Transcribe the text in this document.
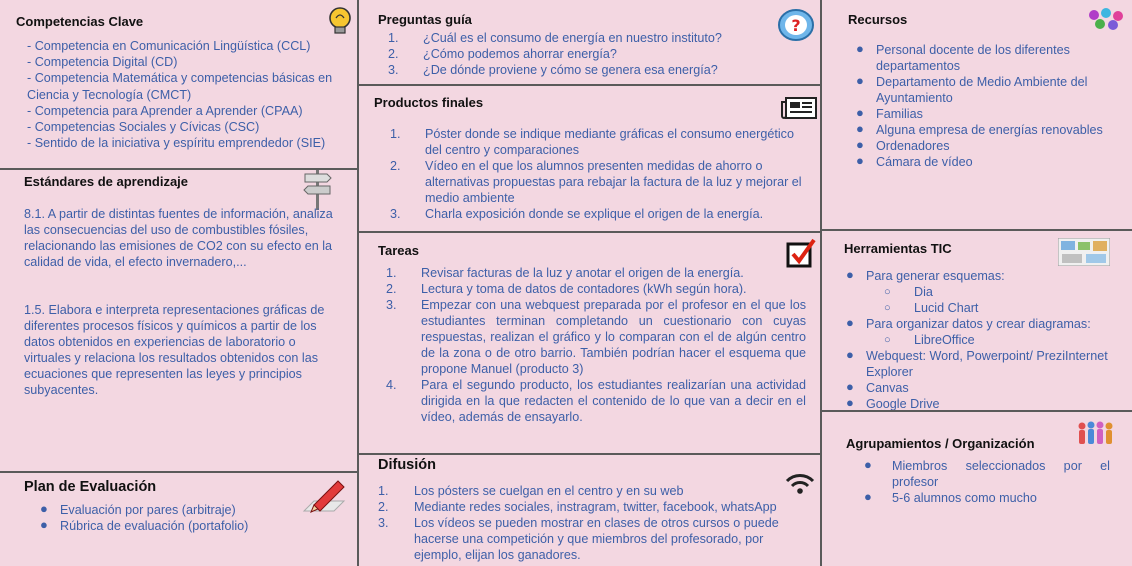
Competencias Clave
- Competencia en Comunicación Lingüística (CCL)
- Competencia Digital (CD)
- Competencia Matemática y competencias básicas en Ciencia y Tecnología (CMCT)
- Competencia para Aprender a Aprender (CPAA)
- Competencias Sociales y Cívicas (CSC)
- Sentido de la iniciativa y espíritu emprendedor (SIE)
Estándares de aprendizaje

8.1. A partir de distintas fuentes de información, analiza las consecuencias del uso de combustibles fósiles, relacionando las emisiones de CO2 con su efecto en la calidad de vida, el efecto invernadero,...

1.5. Elabora e interpreta representaciones gráficas de diferentes procesos físicos y químicos a partir de los datos obtenidos en experiencias de laboratorio o virtuales y relaciona los resultados obtenidos con las ecuaciones que representen las leyes y principios subyacentes.

Plan de Evaluación
● Evaluación por pares (arbitraje)
● Rúbrica de evaluación (portafolio)
Preguntas guía	?
1. ¿Cuál es el consumo de energía en nuestro instituto?
2. ¿Cómo podemos ahorrar energía?
3. ¿De dónde proviene y cómo se genera esa energía?
Productos finales
1. Póster donde se indique mediante gráficas el consumo energético del centro y comparaciones
2. Vídeo en el que los alumnos presenten medidas de ahorro o alternativas propuestas para rebajar la factura de la luz y mejorar el medio ambiente
3. Charla exposición donde se explique el origen de la energía.
Tareas
1. Revisar facturas de la luz y anotar el origen de la energía.
2. Lectura y toma de datos de contadores (kWh según hora).
3. Empezar con una webquest preparada por el profesor en el que los estudiantes terminan completando un cuestionario con cuyas respuestas, realizan el gráfico y lo comparan con el de algún centro de la zona o de otro barrio. También podrían hacer el esquema que propone Manuel (producto 3)
4. Para el segundo producto, los estudiantes realizarían una actividad dirigida en la que redacten el contenido de lo que van a decir en el vídeo, además de ensayarlo.
Difusión
1. Los pósters se cuelgan en el centro y en su web
2. Mediante redes sociales, instragram, twitter, facebook, whatsApp
3. Los vídeos se pueden mostrar en clases de otros cursos o puede hacerse una competición y que miembros del profesorado, por ejemplo, elijan los ganadores.
Recursos
● Personal docente de los diferentes departamentos
● Departamento de Medio Ambiente del Ayuntamiento
● Familias
● Alguna empresa de energías renovables
● Ordenadores
● Cámara de vídeo
Herramientas TIC
● Para generar esquemas:
○ Dia
○ Lucid Chart
● Para organizar datos y crear diagramas:
○ LibreOffice
● Webquest: Word, Powerpoint/ PreziInternet Explorer
● Canvas
● Google Drive
Agrupamientos / Organización
● Miembros seleccionados por el profesor
● 5-6 alumnos como mucho
